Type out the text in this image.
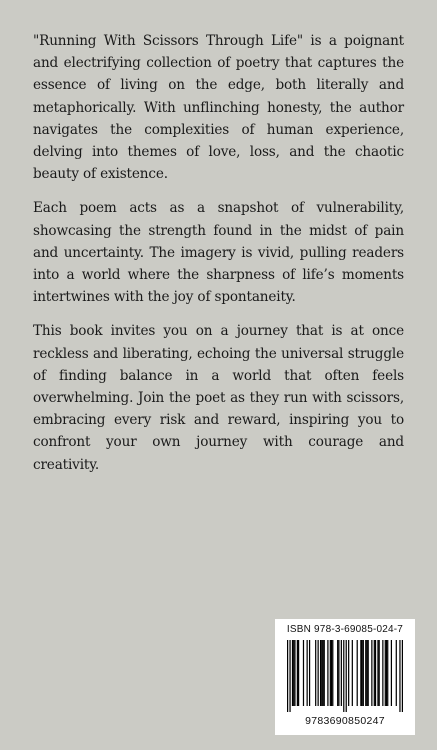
"Running With Scissors Through Life" is a poignant and electrifying collection of poetry that captures the essence of living on the edge, both literally and metaphorically. With unflinching honesty, the author navigates the complexities of human experience, delving into themes of love, loss, and the chaotic beauty of existence.

Each poem acts as a snapshot of vulnerability, showcasing the strength found in the midst of pain and uncertainty. The imagery is vivid, pulling readers into a world where the sharpness of life’s moments intertwines with the joy of spontaneity.

This book invites you on a journey that is at once reckless and liberating, echoing the universal struggle of finding balance in a world that often feels overwhelming. Join the poet as they run with scissors, embracing every risk and reward, inspiring you to confront your own journey with courage and creativity.

ISBN 978-3-69085-024-7
9783690850247
